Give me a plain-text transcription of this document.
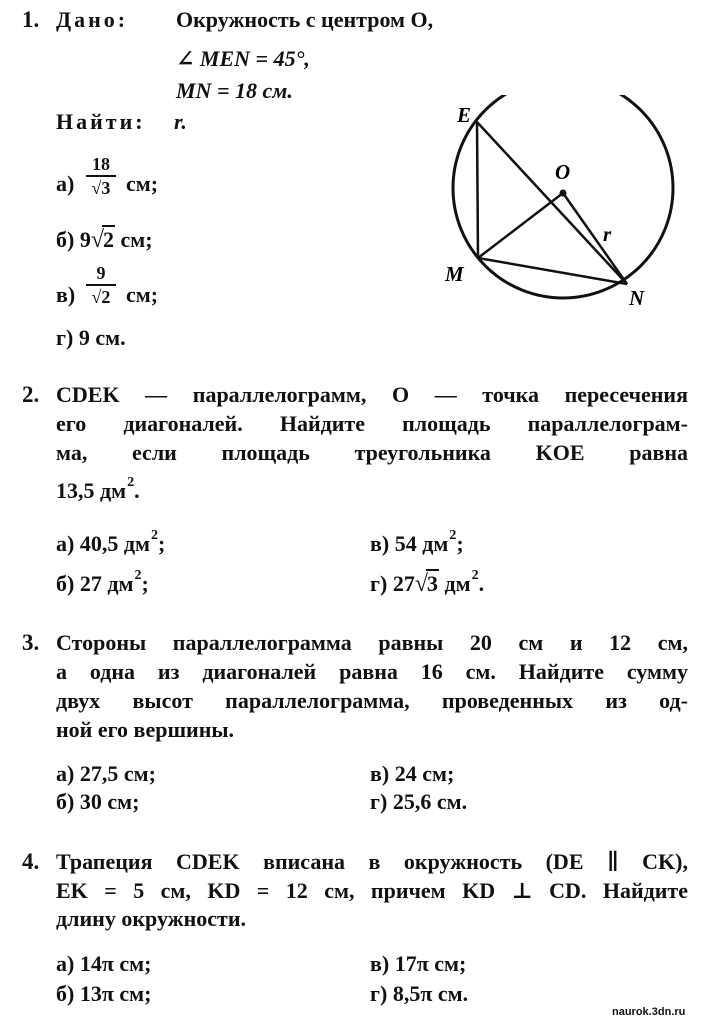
1. Дано: Окружность с центром O,
∠ MEN = 45°,
MN = 18 см.
Найти: r.
а)
18
√3 см;
б) 9√2 см;
в)
9
√2 см;
г) 9 см.
E
O
M
N
r
2. CDEK — параллелограмм, O — точка пересечения
его диагоналей. Найдите площадь параллелограм-
ма, если площадь треугольника KOE равна
13,5 $дм^2$.
а) 40,5 $дм^2$;
б) 27 $дм^2$;
в) 54 $дм^2$;
г) 27√3 $дм^2$.
3. Стороны параллелограмма равны 20 см и 12 см,
а одна из диагоналей равна 16 см. Найдите сумму
двух высот параллелограмма, проведенных из од-
ной его вершины.
а) 27,5 см;
б) 30 см;
в) 24 см;
г) 25,6 см.
4. Трапеция CDEK вписана в окружность (DE ∥ CK),
EK = 5 см, KD = 12 см, причем KD ⊥ CD. Найдите
длину окружности.
а) 14π см;
б) 13π см;
в) 17π см;
г) 8,5π см.
naurok.3dn.ru
